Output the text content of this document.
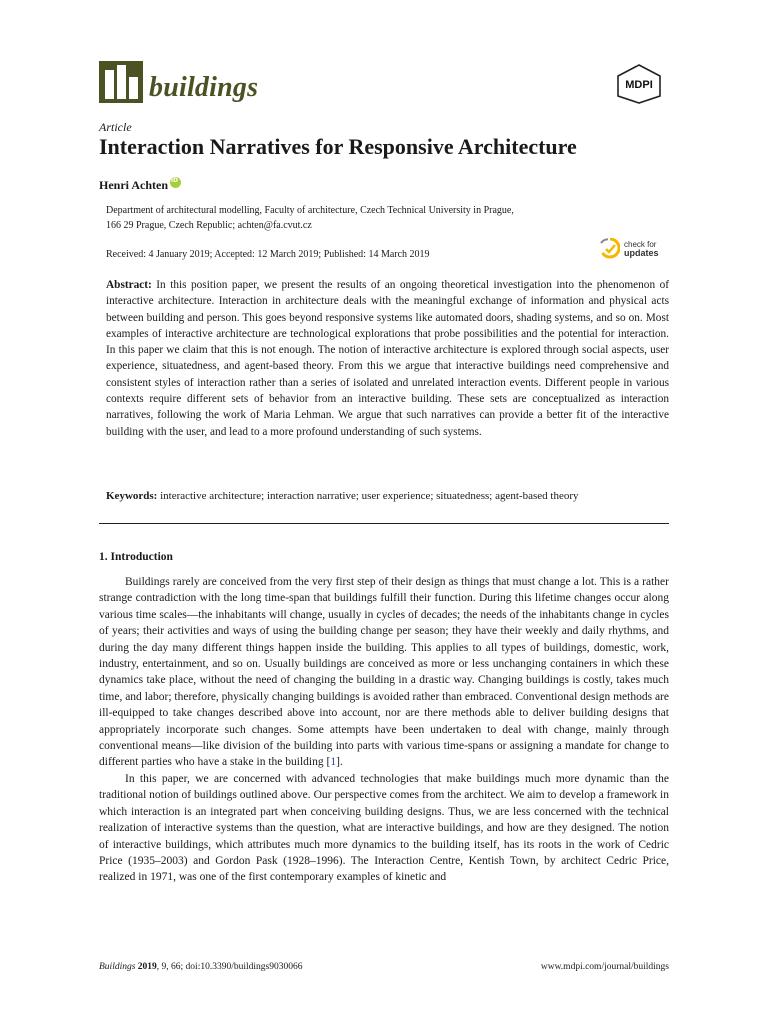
buildings	MDPI
Article
Interaction Narratives for Responsive Architecture
Henri Achten
iD
Department of architectural modelling, Faculty of architecture, Czech Technical University in Prague,
166 29 Prague, Czech Republic; achten@fa.cvut.cz
Received: 4 January 2019; Accepted: 12 March 2019; Published: 14 March 2019
check for
updates
Abstract: In this position paper, we present the results of an ongoing theoretical investigation into the phenomenon of interactive architecture. Interaction in architecture deals with the meaningful exchange of information and physical acts between building and person. This goes beyond responsive systems like automated doors, shading systems, and so on. Most examples of interactive architecture are technological explorations that probe possibilities and the potential for interaction. In this paper we claim that this is not enough. The notion of interactive architecture is explored through social aspects, user experience, situatedness, and agent-based theory. From this we argue that interactive buildings need comprehensive and consistent styles of interaction rather than a series of isolated and unrelated interaction events. Different people in various contexts require different sets of behavior from an interactive building. These sets are conceptualized as interaction narratives, following the work of Maria Lehman. We argue that such narratives can provide a better fit of the interactive building with the user, and lead to a more profound understanding of such systems.
Keywords: interactive architecture; interaction narrative; user experience; situatedness; agent-based theory
1. Introduction

Buildings rarely are conceived from the very first step of their design as things that must change a lot. This is a rather strange contradiction with the long time-span that buildings fulfill their function. During this lifetime changes occur along various time scales—the inhabitants will change, usually in cycles of decades; the needs of the inhabitants change in cycles of years; their activities and ways of using the building change per season; they have their weekly and daily rhythms, and during the day many different things happen inside the building. This applies to all types of buildings, domestic, work, industry, entertainment, and so on. Usually buildings are conceived as more or less unchanging containers in which these dynamics take place, without the need of changing the building in a drastic way. Changing buildings is costly, takes much time, and labor; therefore, physically changing buildings is avoided rather than embraced. Conventional design methods are ill-equipped to take changes described above into account, nor are there methods able to deliver building designs that appropriately incorporate such changes. Some attempts have been undertaken to deal with change, mainly through conventional means—like division of the building into parts with various time-spans or assigning a mandate for change to different parties who have a stake in the building [1].

In this paper, we are concerned with advanced technologies that make buildings much more dynamic than the traditional notion of buildings outlined above. Our perspective comes from the architect. We aim to develop a framework in which interaction is an integrated part when conceiving building designs. Thus, we are less concerned with the technical realization of interactive systems than the question, what are interactive buildings, and how are they designed. The notion of interactive buildings, which attributes much more dynamics to the building itself, has its roots in the work of Cedric Price (1935–2003) and Gordon Pask (1928–1996). The Interaction Centre, Kentish Town, by architect Cedric Price, realized in 1971, was one of the first contemporary examples of kinetic and

Buildings 2019, 9, 66; doi:10.3390/buildings9030066	www.mdpi.com/journal/buildings
